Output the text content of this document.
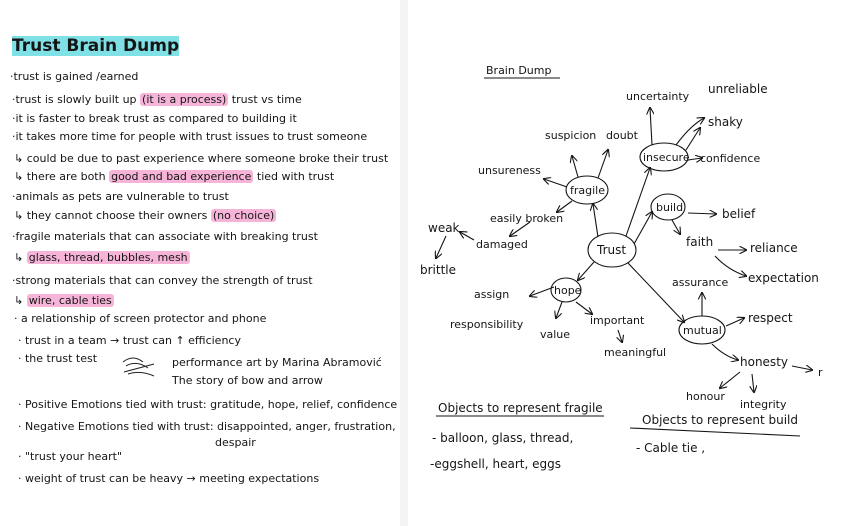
Trust Brain Dump
·trust is gained /earned
·trust is slowly built up (it is a process) trust vs time
·it is faster to break trust as compared to building it
·it takes more time for people with trust issues to trust someone
↳ could be due to past experience where someone broke their trust
↳ there are both good and bad experience tied with trust
·animals as pets are vulnerable to trust
↳ they cannot choose their owners (no choice)
·fragile materials that can associate with breaking trust
↳ glass, thread, bubbles, mesh
·strong materials that can convey the strength of trust
↳ wire, cable ties
· a relationship of screen protector and phone
· trust in a team → trust can ↑ efficiency
· the trust test	performance art by Marina Abramović
The story of bow and arrow
· Positive Emotions tied with trust: gratitude, hope, relief, confidence
· Negative Emotions tied with trust: disappointed, anger, frustration,
despair
· "trust your heart"
· weight of trust can be heavy → meeting expectations
Brain Dump
Trust
fragile
insecure
build
hope
mutual
uncertainty
unreliable
shaky
confidence
suspicion doubt
unsureness
easily broken
weak
damaged
brittle
belief
faith	reliance
expectation
assurance
respect
assign
responsibility
value
important
meaningful
honesty
r
honour
integrity
Objects to represent fragile
- balloon, glass, thread,
-eggshell, heart, eggs
Objects to represent build
- Cable tie ,
